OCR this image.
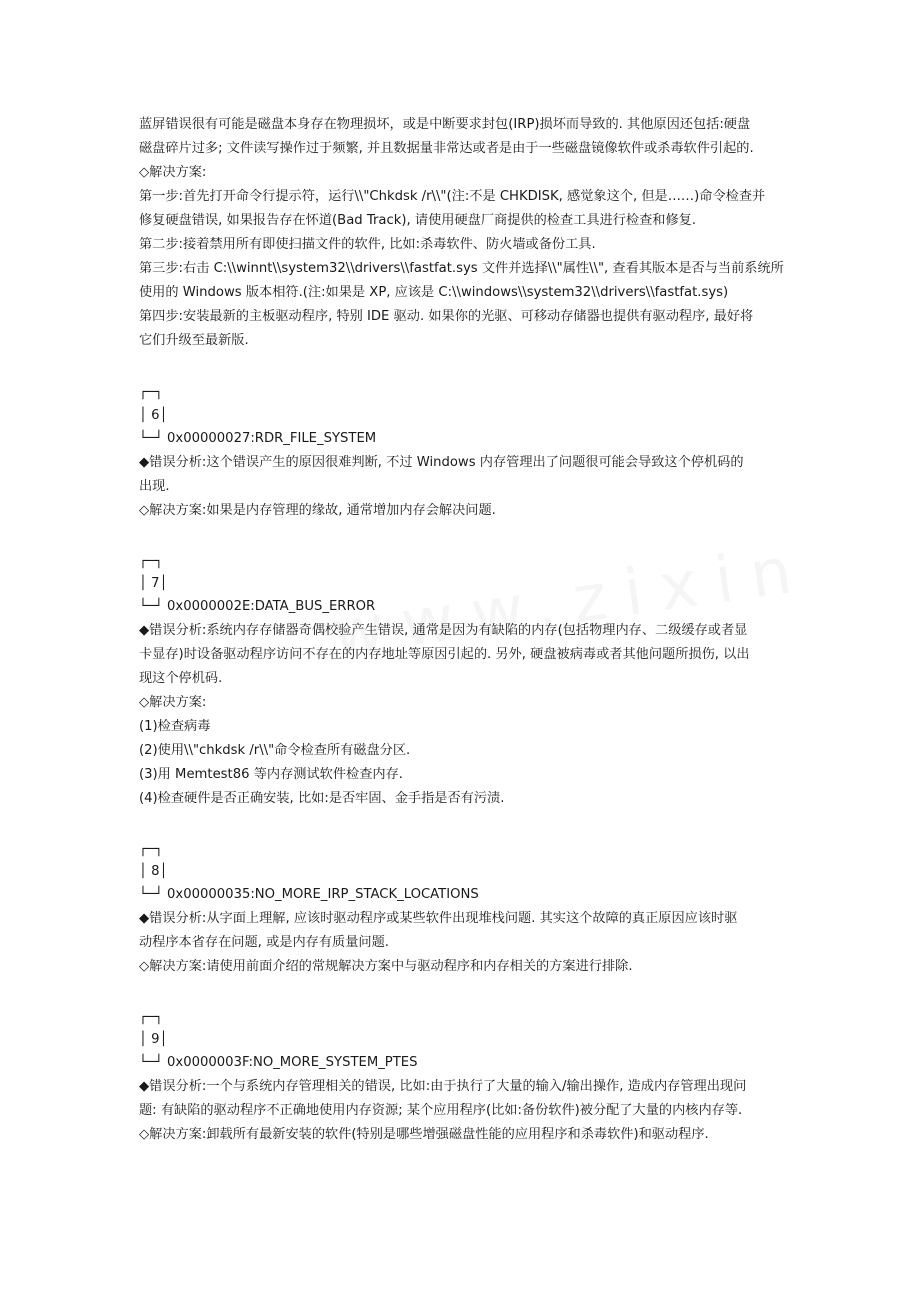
蓝屏错误很有可能是磁盘本身存在物理损坏，或是中断要求封包(IRP)损坏而导致的. 其他原因还包括:硬盘
磁盘碎片过多; 文件读写操作过于频繁, 并且数据量非常达或者是由于一些磁盘镜像软件或杀毒软件引起的.
◇解决方案:
第一步:首先打开命令行提示符，运行\\"Chkdsk /r\\"(注:不是 CHKDISK, 感觉象这个, 但是……)命令检查并
修复硬盘错误, 如果报告存在怀道(Bad Track), 请使用硬盘厂商提供的检查工具进行检查和修复.
第二步:接着禁用所有即使扫描文件的软件, 比如:杀毒软件、防火墙或备份工具.
第三步:右击 C:\\winnt\\system32\\drivers\\fastfat.sys 文件并选择\\"属性\\", 查看其版本是否与当前系统所
使用的 Windows 版本相符.(注:如果是 XP, 应该是 C:\\windows\\system32\\drivers\\fastfat.sys)
第四步:安装最新的主板驱动程序, 特别 IDE 驱动. 如果你的光驱、可移动存储器也提供有驱动程序, 最好将
它们升级至最新版.
┌─┐
│ 6│
└─┘ 0x00000027:RDR_FILE_SYSTEM
◆错误分析:这个错误产生的原因很难判断, 不过 Windows 内存管理出了问题很可能会导致这个停机码的
出现.
◇解决方案:如果是内存管理的缘故, 通常增加内存会解决问题.
┌─┐
│ 7│
└─┘ 0x0000002E:DATA_BUS_ERROR
◆错误分析:系统内存存储器奇偶校验产生错误, 通常是因为有缺陷的内存(包括物理内存、二级缓存或者显
卡显存)时设备驱动程序访问不存在的内存地址等原因引起的. 另外, 硬盘被病毒或者其他问题所损伤, 以出
现这个停机码.
◇解决方案:
(1)检查病毒
(2)使用\\"chkdsk /r\\"命令检查所有磁盘分区.
(3)用 Memtest86 等内存测试软件检查内存.
(4)检查硬件是否正确安装, 比如:是否牢固、金手指是否有污渍.
┌─┐
│ 8│
└─┘ 0x00000035:NO_MORE_IRP_STACK_LOCATIONS
◆错误分析:从字面上理解, 应该时驱动程序或某些软件出现堆栈问题. 其实这个故障的真正原因应该时驱
动程序本省存在问题, 或是内存有质量问题.
◇解决方案:请使用前面介绍的常规解决方案中与驱动程序和内存相关的方案进行排除.
┌─┐
│ 9│
└─┘ 0x0000003F:NO_MORE_SYSTEM_PTES
◆错误分析:一个与系统内存管理相关的错误, 比如:由于执行了大量的输入/输出操作, 造成内存管理出现问
题: 有缺陷的驱动程序不正确地使用内存资源; 某个应用程序(比如:备份软件)被分配了大量的内核内存等.
◇解决方案:卸载所有最新安装的软件(特别是哪些增强磁盘性能的应用程序和杀毒软件)和驱动程序.
